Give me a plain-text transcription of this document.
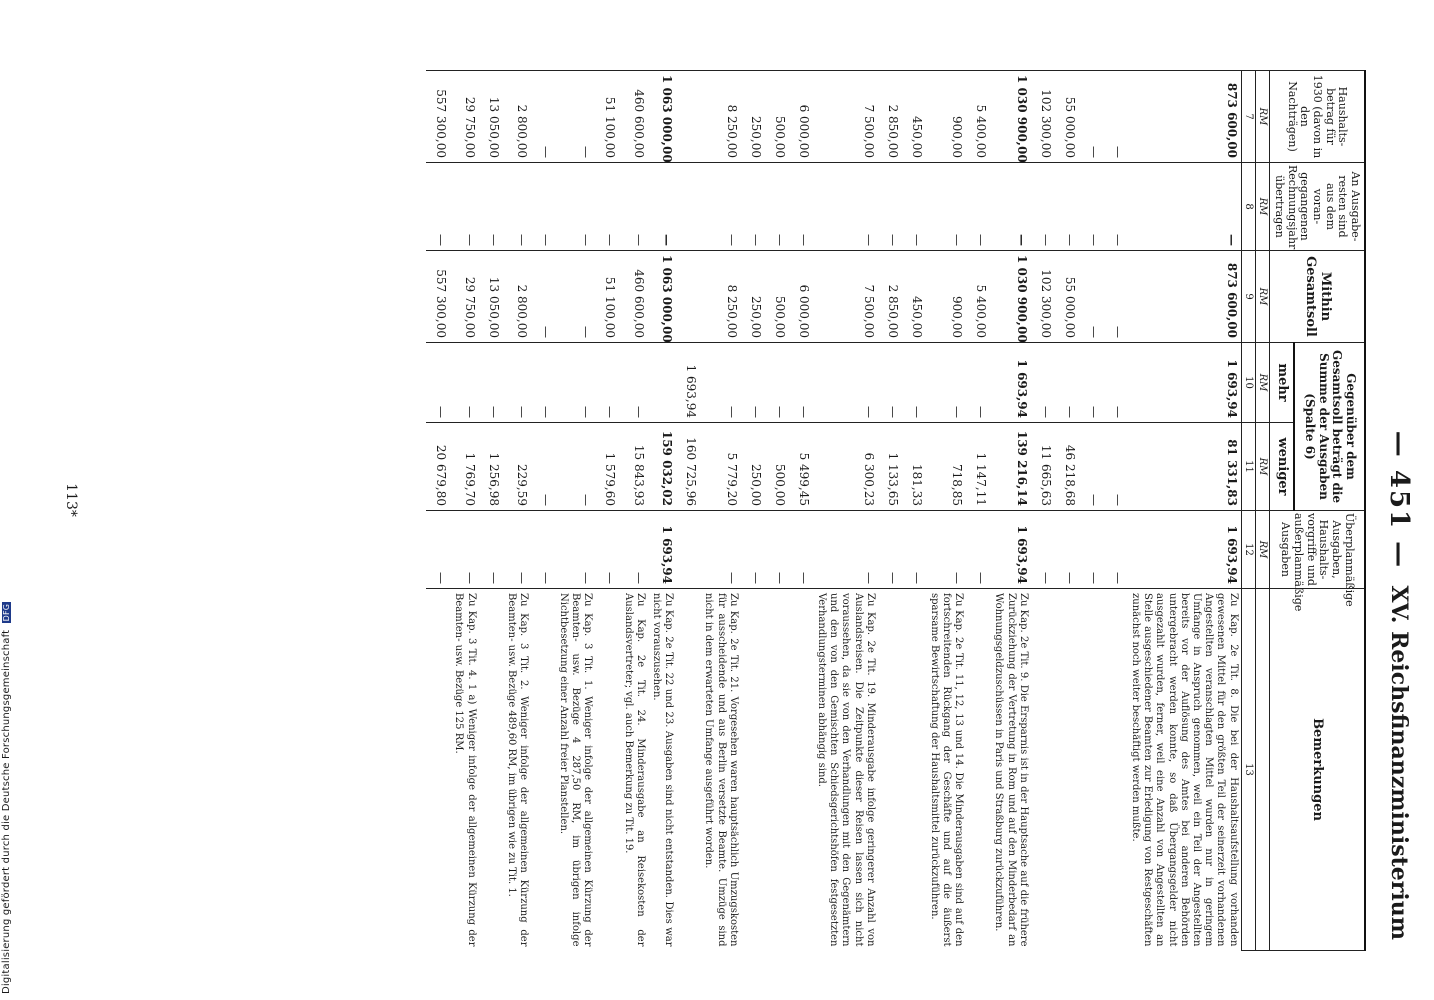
Digitalisierung gefördert durch die Deutsche Forschungsgemeinschaft DFG
— 451 —
XV. Reichsfinanzministerium
Haushalts-betrag für 1930 (davon in den Nachträgen)	An Ausgabe-resten sind aus dem voran-gegangenen Rechnungsjahr übertragen	Mithin Gesamtsoll	Gegenüber dem Gesamtsoll beträgt die Summe der Ausgaben (Spalte 6)		Überplanmäßige Ausgaben, Haushalts-vorgriffe und außerplanmäßige Ausgaben	Bemerkungen
			mehr	weniger		
RM	RM	RM	RM	RM	RM	
7	8	9	10	11	12	13
873 600,00	—	873 600,00	1 693,94	81 331,83	1 693,94	Zu Kap. 2e Tit. 8. Die bei der Haushaltsaufstellung vorhanden gewesenen Mittel für den größten Teil der seinerzeit vorhandenen Angestellten veranschlagten Mittel wurden nur in geringem Umfange in Anspruch genommen, weil ein Teil der Angestellten bereits vor der Auflösung des Amtes bei anderen Behörden untergebracht werden konnte, so daß Übergangsgelder nicht ausgezahlt wurden, ferner, weil eine Anzahl von Angestellten an Stelle ausgeschiedener Beamten zur Erledigung von Restgeschäften zunächst noch weiter beschäftigt werden mußte.
—	—	—	—	—	—	
—	—	—	—	—	—	
55 000,00	—	55 000,00	—	46 218,68	—	
102 300,00	—	102 300,00	—	11 665,63	—	
1 030 900,00	—	1 030 900,00	1 693,94	139 216,14	1 693,94	Zu Kap. 2e Tit. 9. Die Ersparnis ist in der Hauptsache auf die frühere Zurückziehung der Vertretung in Rom und auf den Minderbedarf an Wohnungsgeldzuschüssen in Paris und Straßburg zurückzuführen.
5 400,00	—	5 400,00	—	1 147,11	—	
900,00	—	900,00	—	718,85	—	Zu Kap. 2e Tit. 11, 12, 13 und 14. Die Minderausgaben sind auf den fortschreitenden Rückgang der Geschäfte und auf die äußerst sparsame Bewirtschaftung der Haushaltsmittel zurückzuführen.
450,00	—	450,00	—	181,33	—	
2 850,00	—	2 850,00	—	1 133,65	—	
7 500,00	—	7 500,00	—	6 300,23	—	Zu Kap. 2e Tit. 19. Minderausgabe infolge geringerer Anzahl von Auslandsreisen. Die Zeitpunkte dieser Reisen lassen sich nicht voraussehen, da sie von den Verhandlungen mit den Gegenämtern und den von den Gemischten Schiedsgerichtshöfen festgesetzten Verhandlungsterminen abhängig sind.
6 000,00	—	6 000,00	—	5 499,45	—	
500,00	—	500,00	—	500,00	—	
250,00	—	250,00	—	250,00	—	
8 250,00	—	8 250,00	—	5 779,20	—	Zu Kap. 2e Tit. 21. Vorgesehen waren hauptsächlich Umzugskosten für ausscheidende und aus Berlin versetzte Beamte. Umzüge sind nicht in dem erwarteten Umfange ausgeführt worden.
			1 693,94	160 725,96		
1 063 000,00	—	1 063 000,00		159 032,02	1 693,94	Zu Kap. 2e Tit. 22 und 23. Ausgaben sind nicht entstanden. Dies war nicht vorauszusehen.
460 600,00	—	460 600,00	—	15 843,93	—	Zu Kap. 2e Tit. 24. Minderausgabe an Reisekosten der Auslandsvertreter; vgl. auch Bemerkung zu Tit. 19.
51 100,00	—	51 100,00	—	1 579,60	—	
—	—	—	—	—	—	Zu Kap. 3 Tit. 1. Weniger infolge der allgemeinen Kürzung der Beamten- usw. Bezüge 4 287,50 RM, im übrigen infolge Nichtbesetzung einer Anzahl freier Planstellen.
—	—	—	—	—	—	
2 800,00	—	2 800,00	—	229,59	—	Zu Kap. 3 Tit. 2. Weniger infolge der allgemeinen Kürzung der Beamten- usw. Bezüge 489,60 RM, im übrigen wie zu Tit. 1.
13 050,00	—	13 050,00	—	1 256,98	—	
29 750,00	—	29 750,00	—	1 769,70	—	Zu Kap. 3 Tit. 4. 1 a) Weniger infolge der allgemeinen Kürzung der Beamten- usw. Bezüge 125 RM.
557 300,00	—	557 300,00	—	20 679,80	—	
113*
